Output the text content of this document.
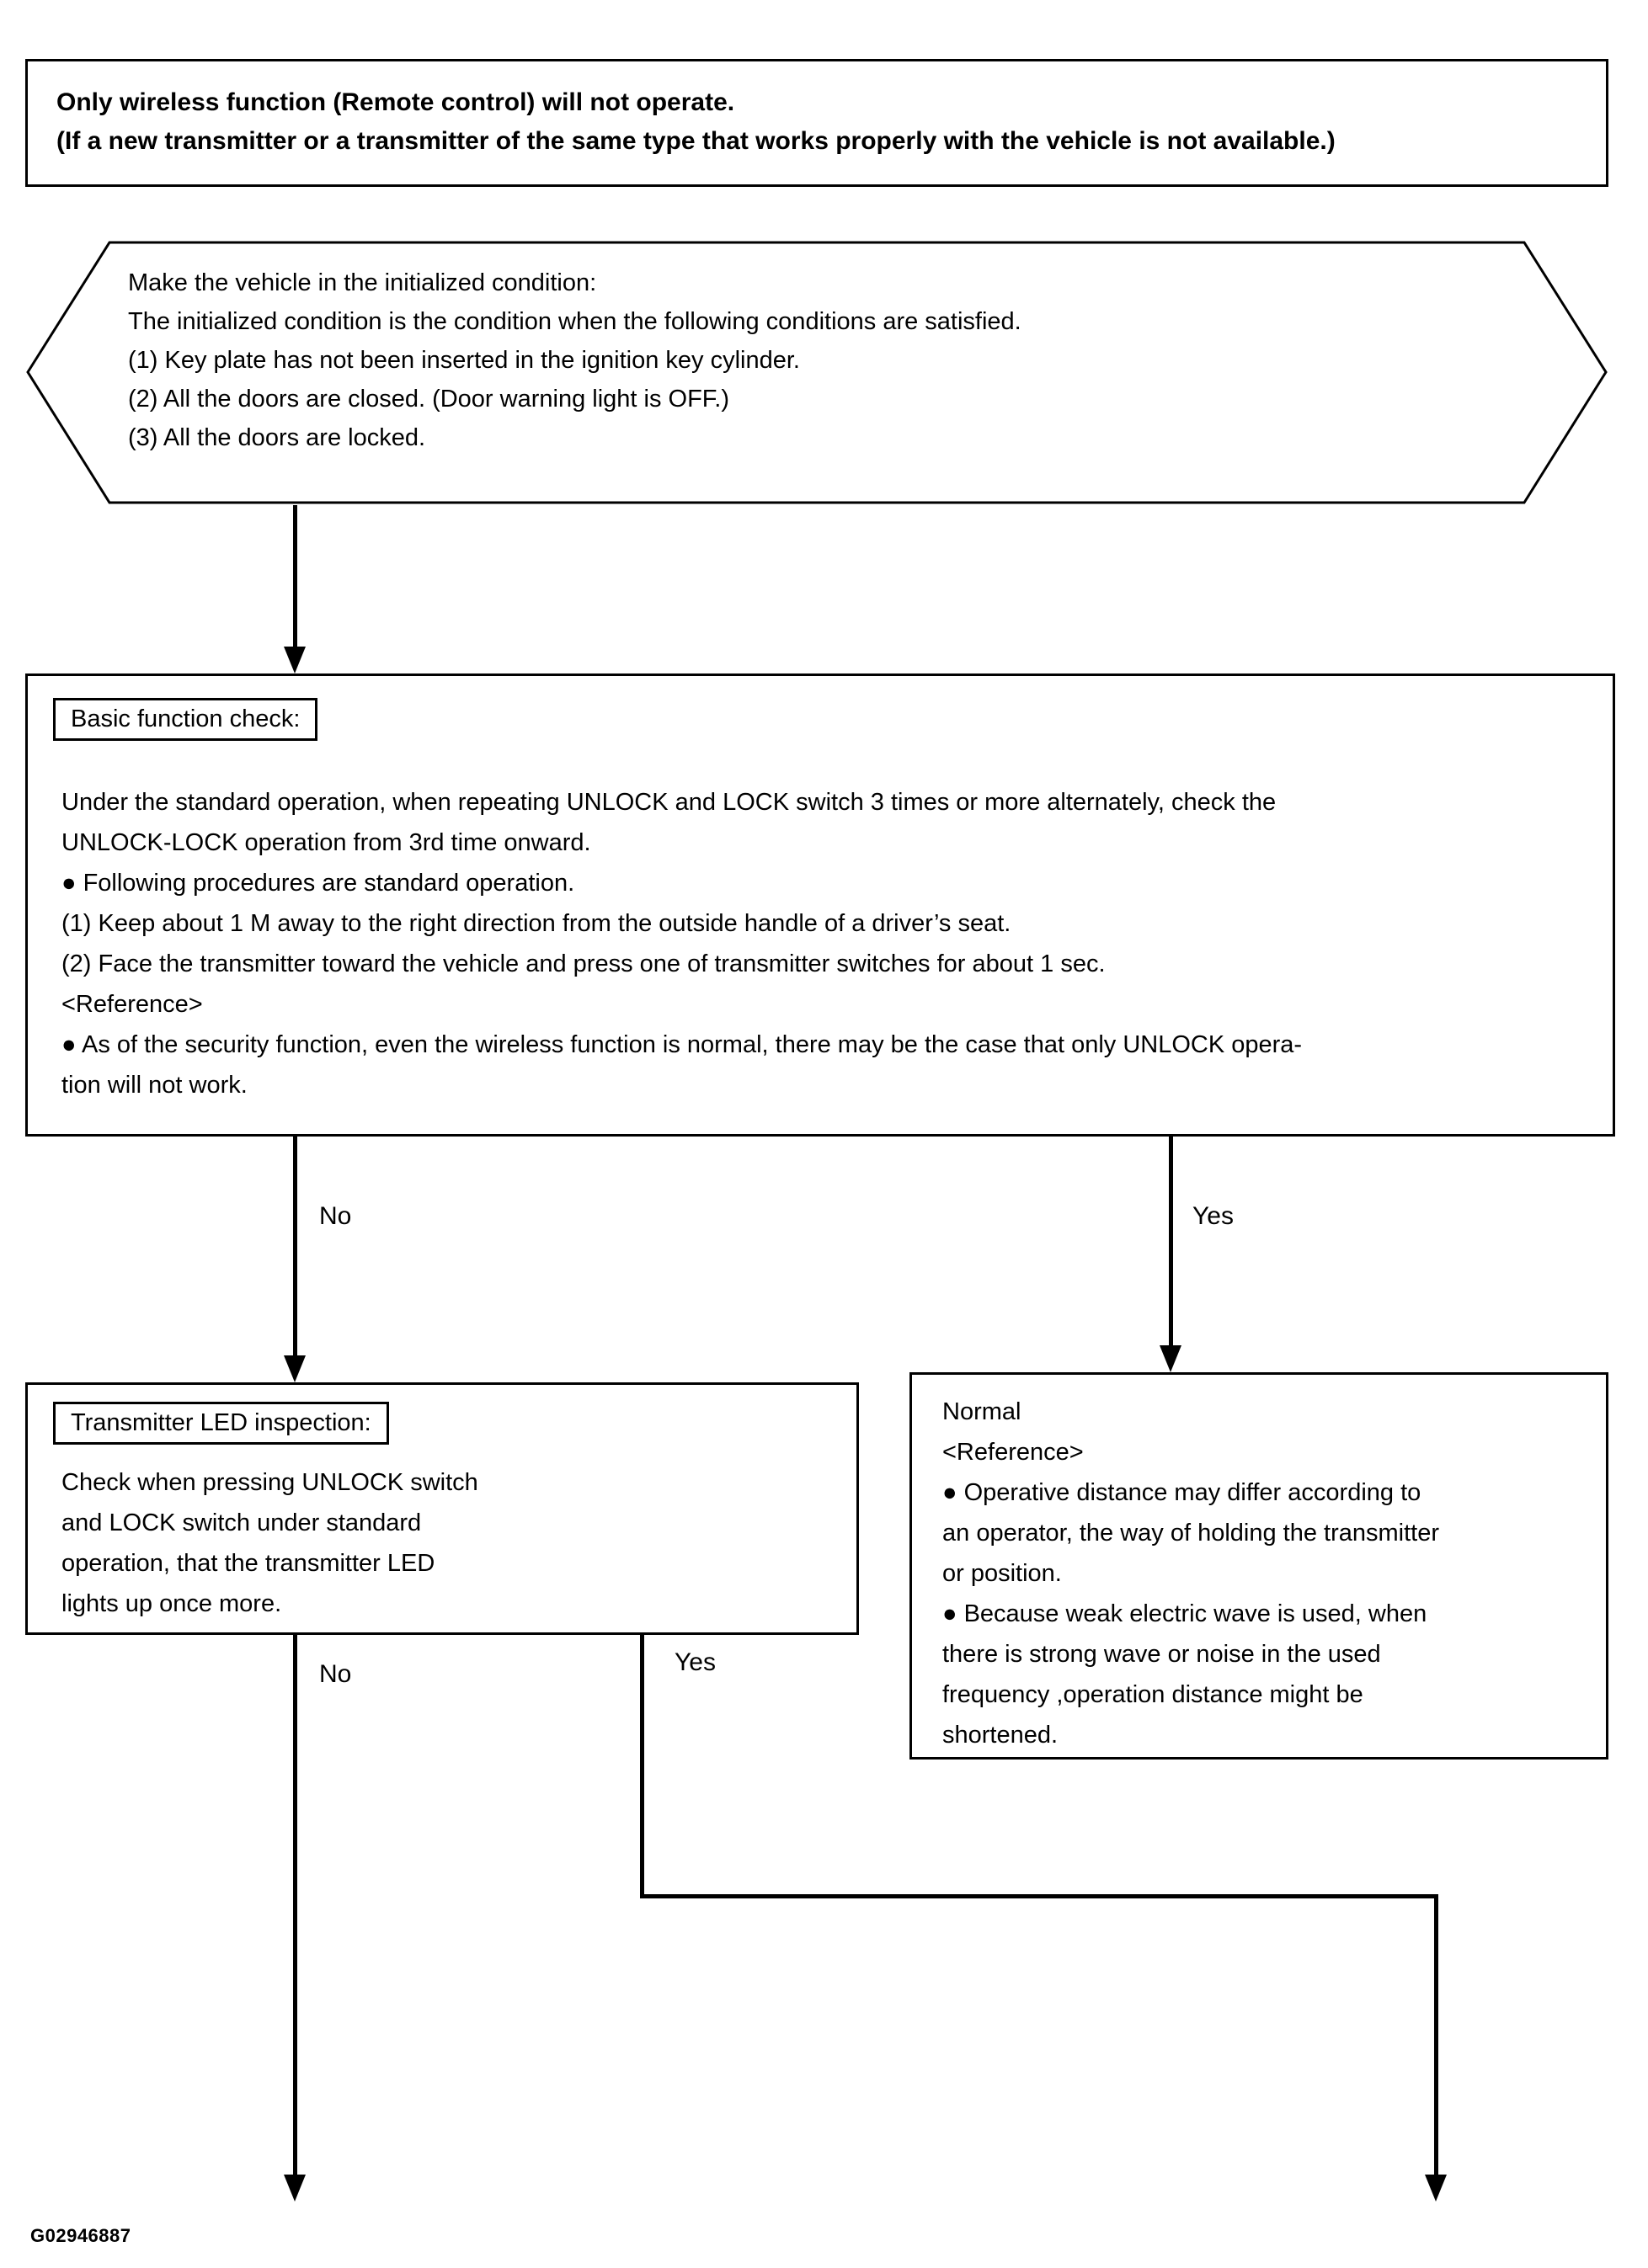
Only wireless function (Remote control) will not operate.
(If a new transmitter or a transmitter of the same type that works properly with the vehicle is not available.)
Make the vehicle in the initialized condition:
The initialized condition is the condition when the following conditions are satisfied.
(1) Key plate has not been inserted in the ignition key cylinder.
(2) All the doors are closed. (Door warning light is OFF.)
(3) All the doors are locked.
Basic function check:
Under the standard operation, when repeating UNLOCK and LOCK switch 3 times or more alternately, check the
UNLOCK-LOCK operation from 3rd time onward.
● Following procedures are standard operation.
(1) Keep about 1 M away to the right direction from the outside handle of a driver’s seat.
(2) Face the transmitter toward the vehicle and press one of transmitter switches for about 1 sec.
<Reference>
● As of the security function, even the wireless function is normal, there may be the case that only UNLOCK opera-
tion will not work.
No	Yes
Transmitter LED inspection:
Check when pressing UNLOCK switch
and LOCK switch under standard
operation, that the transmitter LED
lights up once more.
Normal
<Reference>
● Operative distance may differ according to
an operator, the way of holding the transmitter
or position.
● Because weak electric wave is used, when
there is strong wave or noise in the used
frequency ,operation distance might be
shortened.
No	Yes
G02946887
